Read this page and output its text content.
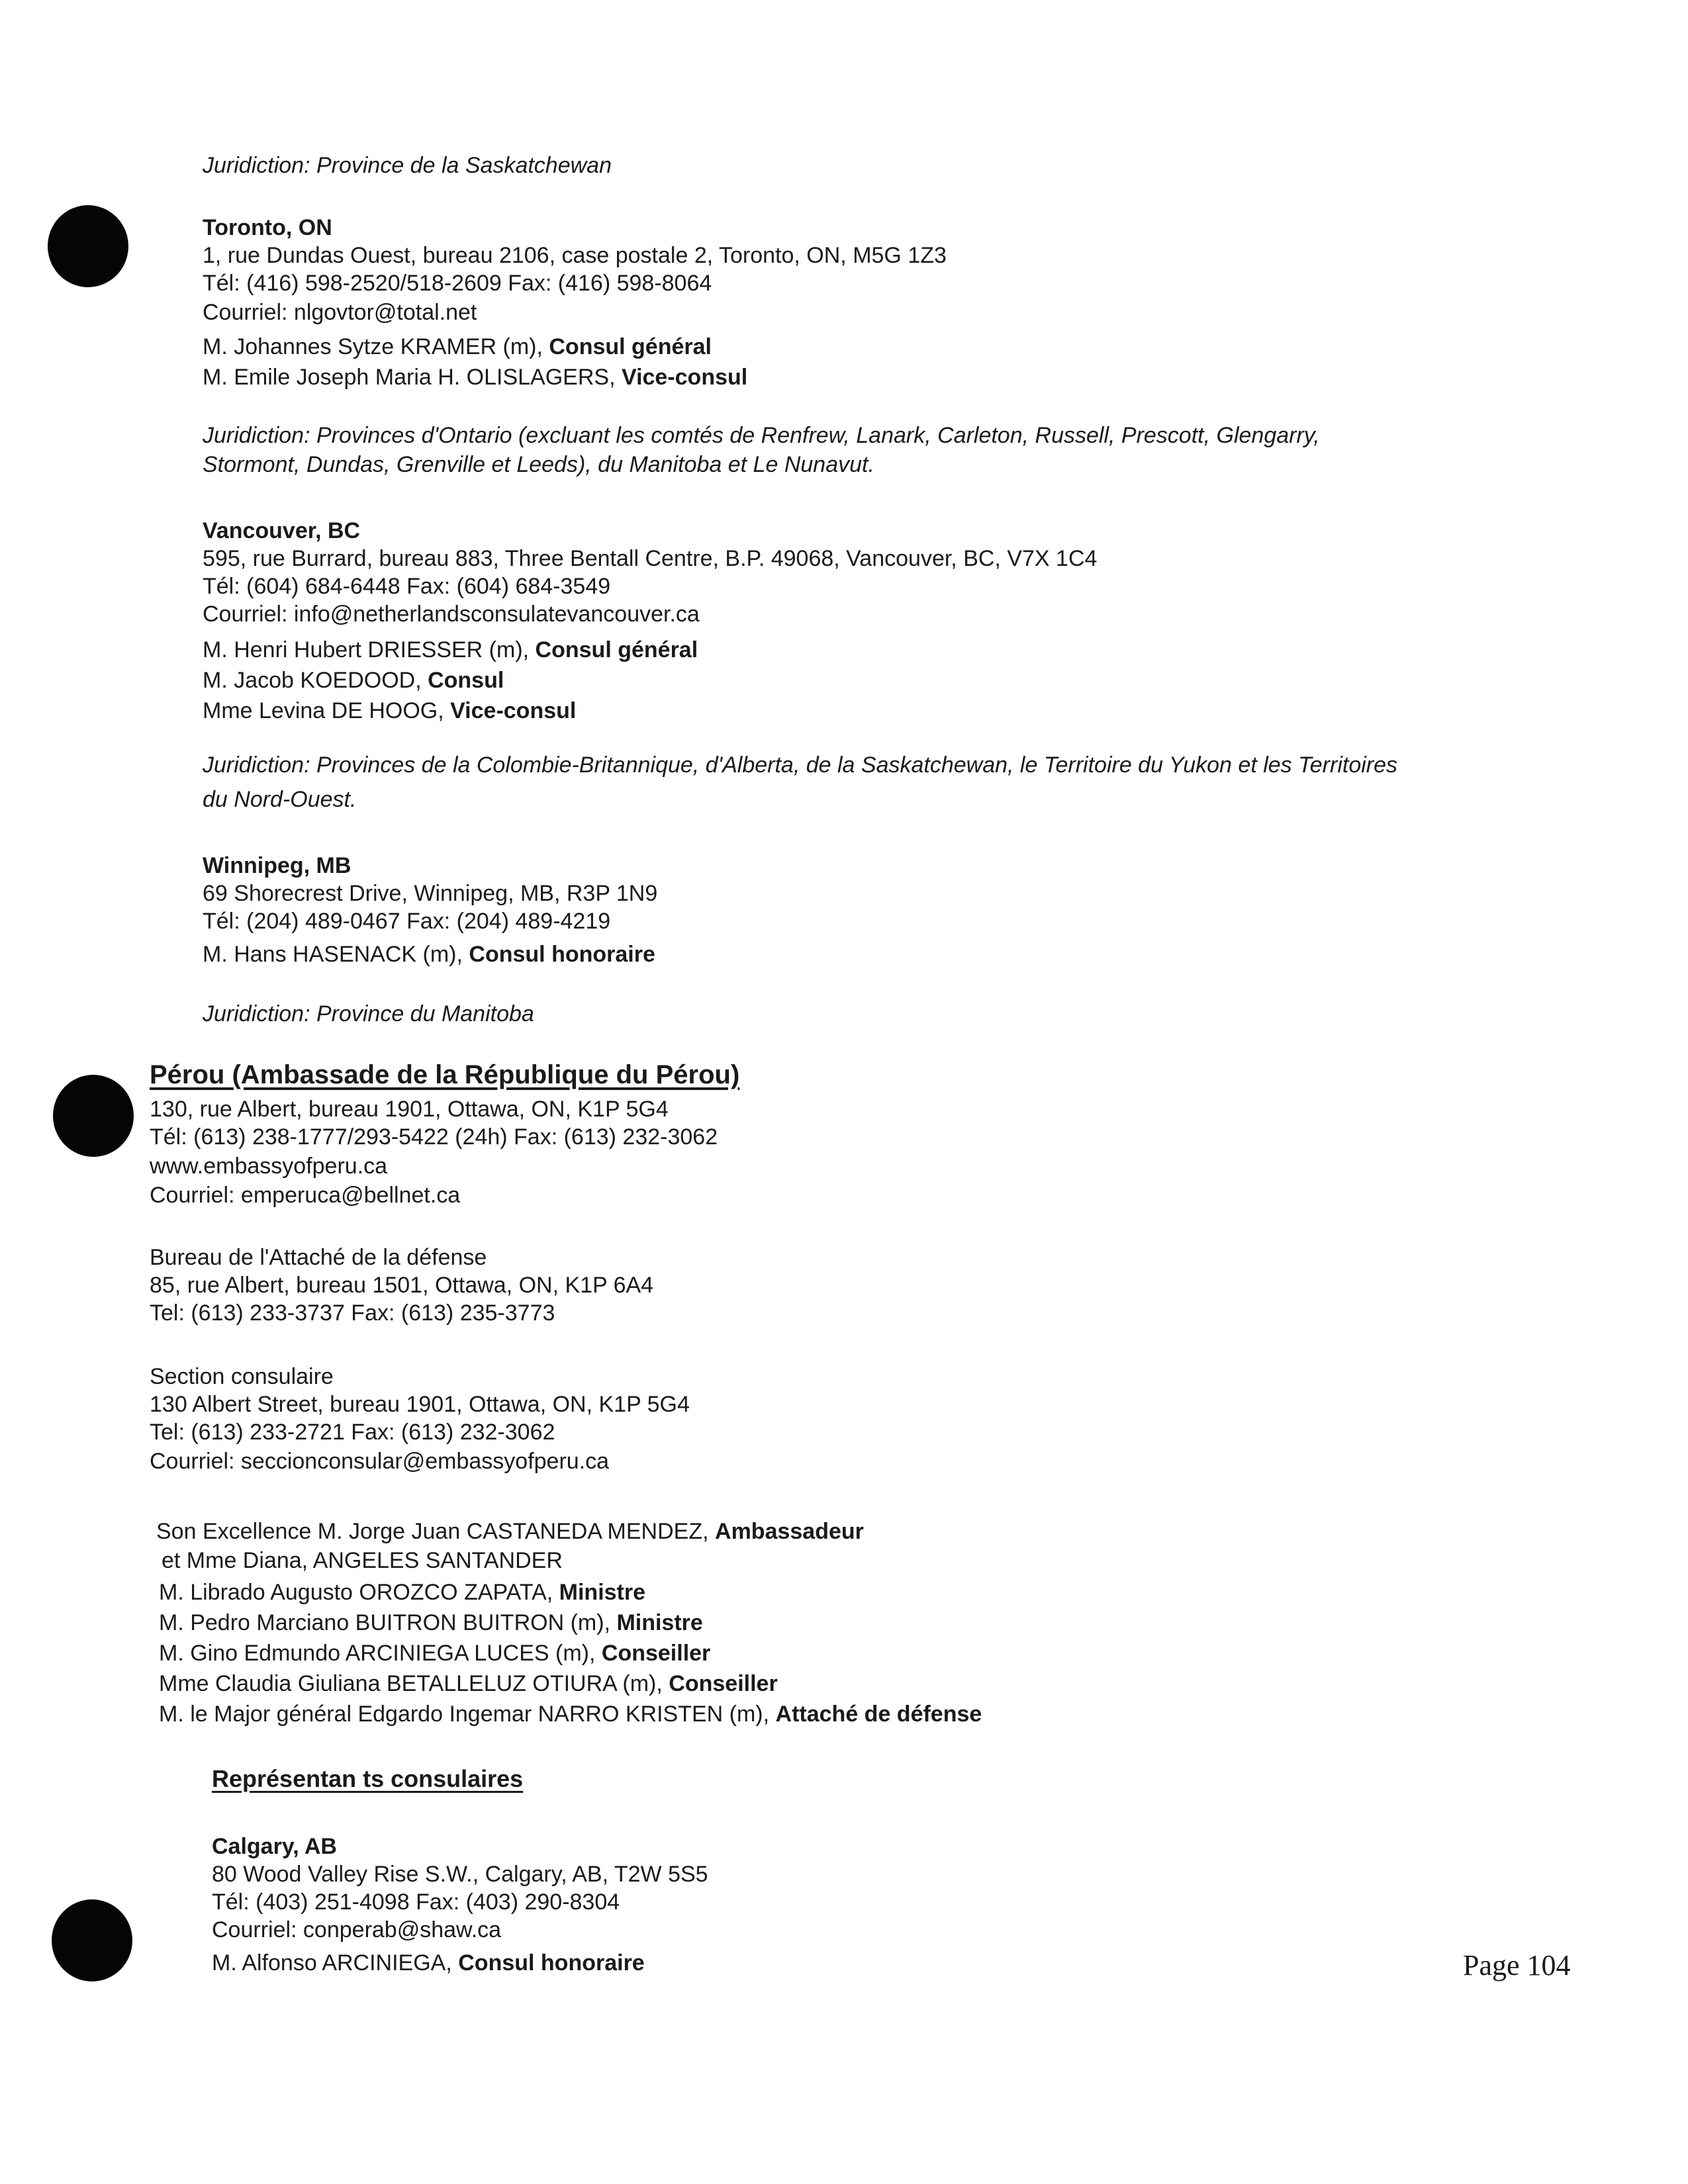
Juridiction: Province de la Saskatchewan
Toronto, ON
1, rue Dundas Ouest, bureau 2106, case postale 2, Toronto, ON, M5G 1Z3
Tél: (416) 598-2520/518-2609 Fax: (416) 598-8064
Courriel: nlgovtor@total.net
M. Johannes Sytze KRAMER (m), Consul général
M. Emile Joseph Maria H. OLISLAGERS, Vice-consul
Juridiction: Provinces d'Ontario (excluant les comtés de Renfrew, Lanark, Carleton, Russell, Prescott, Glengarry,
Stormont, Dundas, Grenville et Leeds), du Manitoba et Le Nunavut.
Vancouver, BC
595, rue Burrard, bureau 883, Three Bentall Centre, B.P. 49068, Vancouver, BC, V7X 1C4
Tél: (604) 684-6448 Fax: (604) 684-3549
Courriel: info@netherlandsconsulatevancouver.ca
M. Henri Hubert DRIESSER (m), Consul général
M. Jacob KOEDOOD, Consul
Mme Levina DE HOOG, Vice-consul
Juridiction: Provinces de la Colombie-Britannique, d'Alberta, de la Saskatchewan, le Territoire du Yukon et les Territoires
du Nord-Ouest.
Winnipeg, MB
69 Shorecrest Drive, Winnipeg, MB, R3P 1N9
Tél: (204) 489-0467 Fax: (204) 489-4219
M. Hans HASENACK (m), Consul honoraire
Juridiction: Province du Manitoba
Pérou (Ambassade de la République du Pérou)
130, rue Albert, bureau 1901, Ottawa, ON, K1P 5G4
Tél: (613) 238-1777/293-5422 (24h) Fax: (613) 232-3062
www.embassyofperu.ca
Courriel: emperuca@bellnet.ca
Bureau de l'Attaché de la défense
85, rue Albert, bureau 1501, Ottawa, ON, K1P 6A4
Tel: (613) 233-3737 Fax: (613) 235-3773
Section consulaire
130 Albert Street, bureau 1901, Ottawa, ON, K1P 5G4
Tel: (613) 233-2721 Fax: (613) 232-3062
Courriel: seccionconsular@embassyofperu.ca
Son Excellence M. Jorge Juan CASTANEDA MENDEZ, Ambassadeur
et Mme Diana, ANGELES SANTANDER
M. Librado Augusto OROZCO ZAPATA, Ministre
M. Pedro Marciano BUITRON BUITRON (m), Ministre
M. Gino Edmundo ARCINIEGA LUCES (m), Conseiller
Mme Claudia Giuliana BETALLELUZ OTIURA (m), Conseiller
M. le Major général Edgardo Ingemar NARRO KRISTEN (m), Attaché de défense
Représentan ts consulaires
Calgary, AB
80 Wood Valley Rise S.W., Calgary, AB, T2W 5S5
Tél: (403) 251-4098 Fax: (403) 290-8304
Courriel: conperab@shaw.ca
M. Alfonso ARCINIEGA, Consul honoraire	Page 104
